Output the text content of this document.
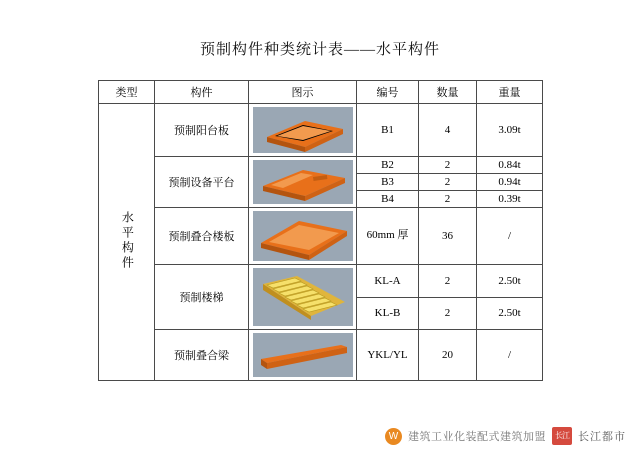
预制构件种类统计表——水平构件
类型	构件	图示	编号	数量	重量
水平构件	预制阳台板		B1	4	3.09t
	预制设备平台		B2	2	0.84t
			B3	2	0.94t
			B4	2	0.39t
	预制叠合楼板		60mm 厚	36	/
	预制楼梯		KL-A	2	2.50t
			KL-B	2	2.50t
	预制叠合梁		YKL/YL	20	/
W 建筑工业化装配式建筑加盟	长江 长江都市
